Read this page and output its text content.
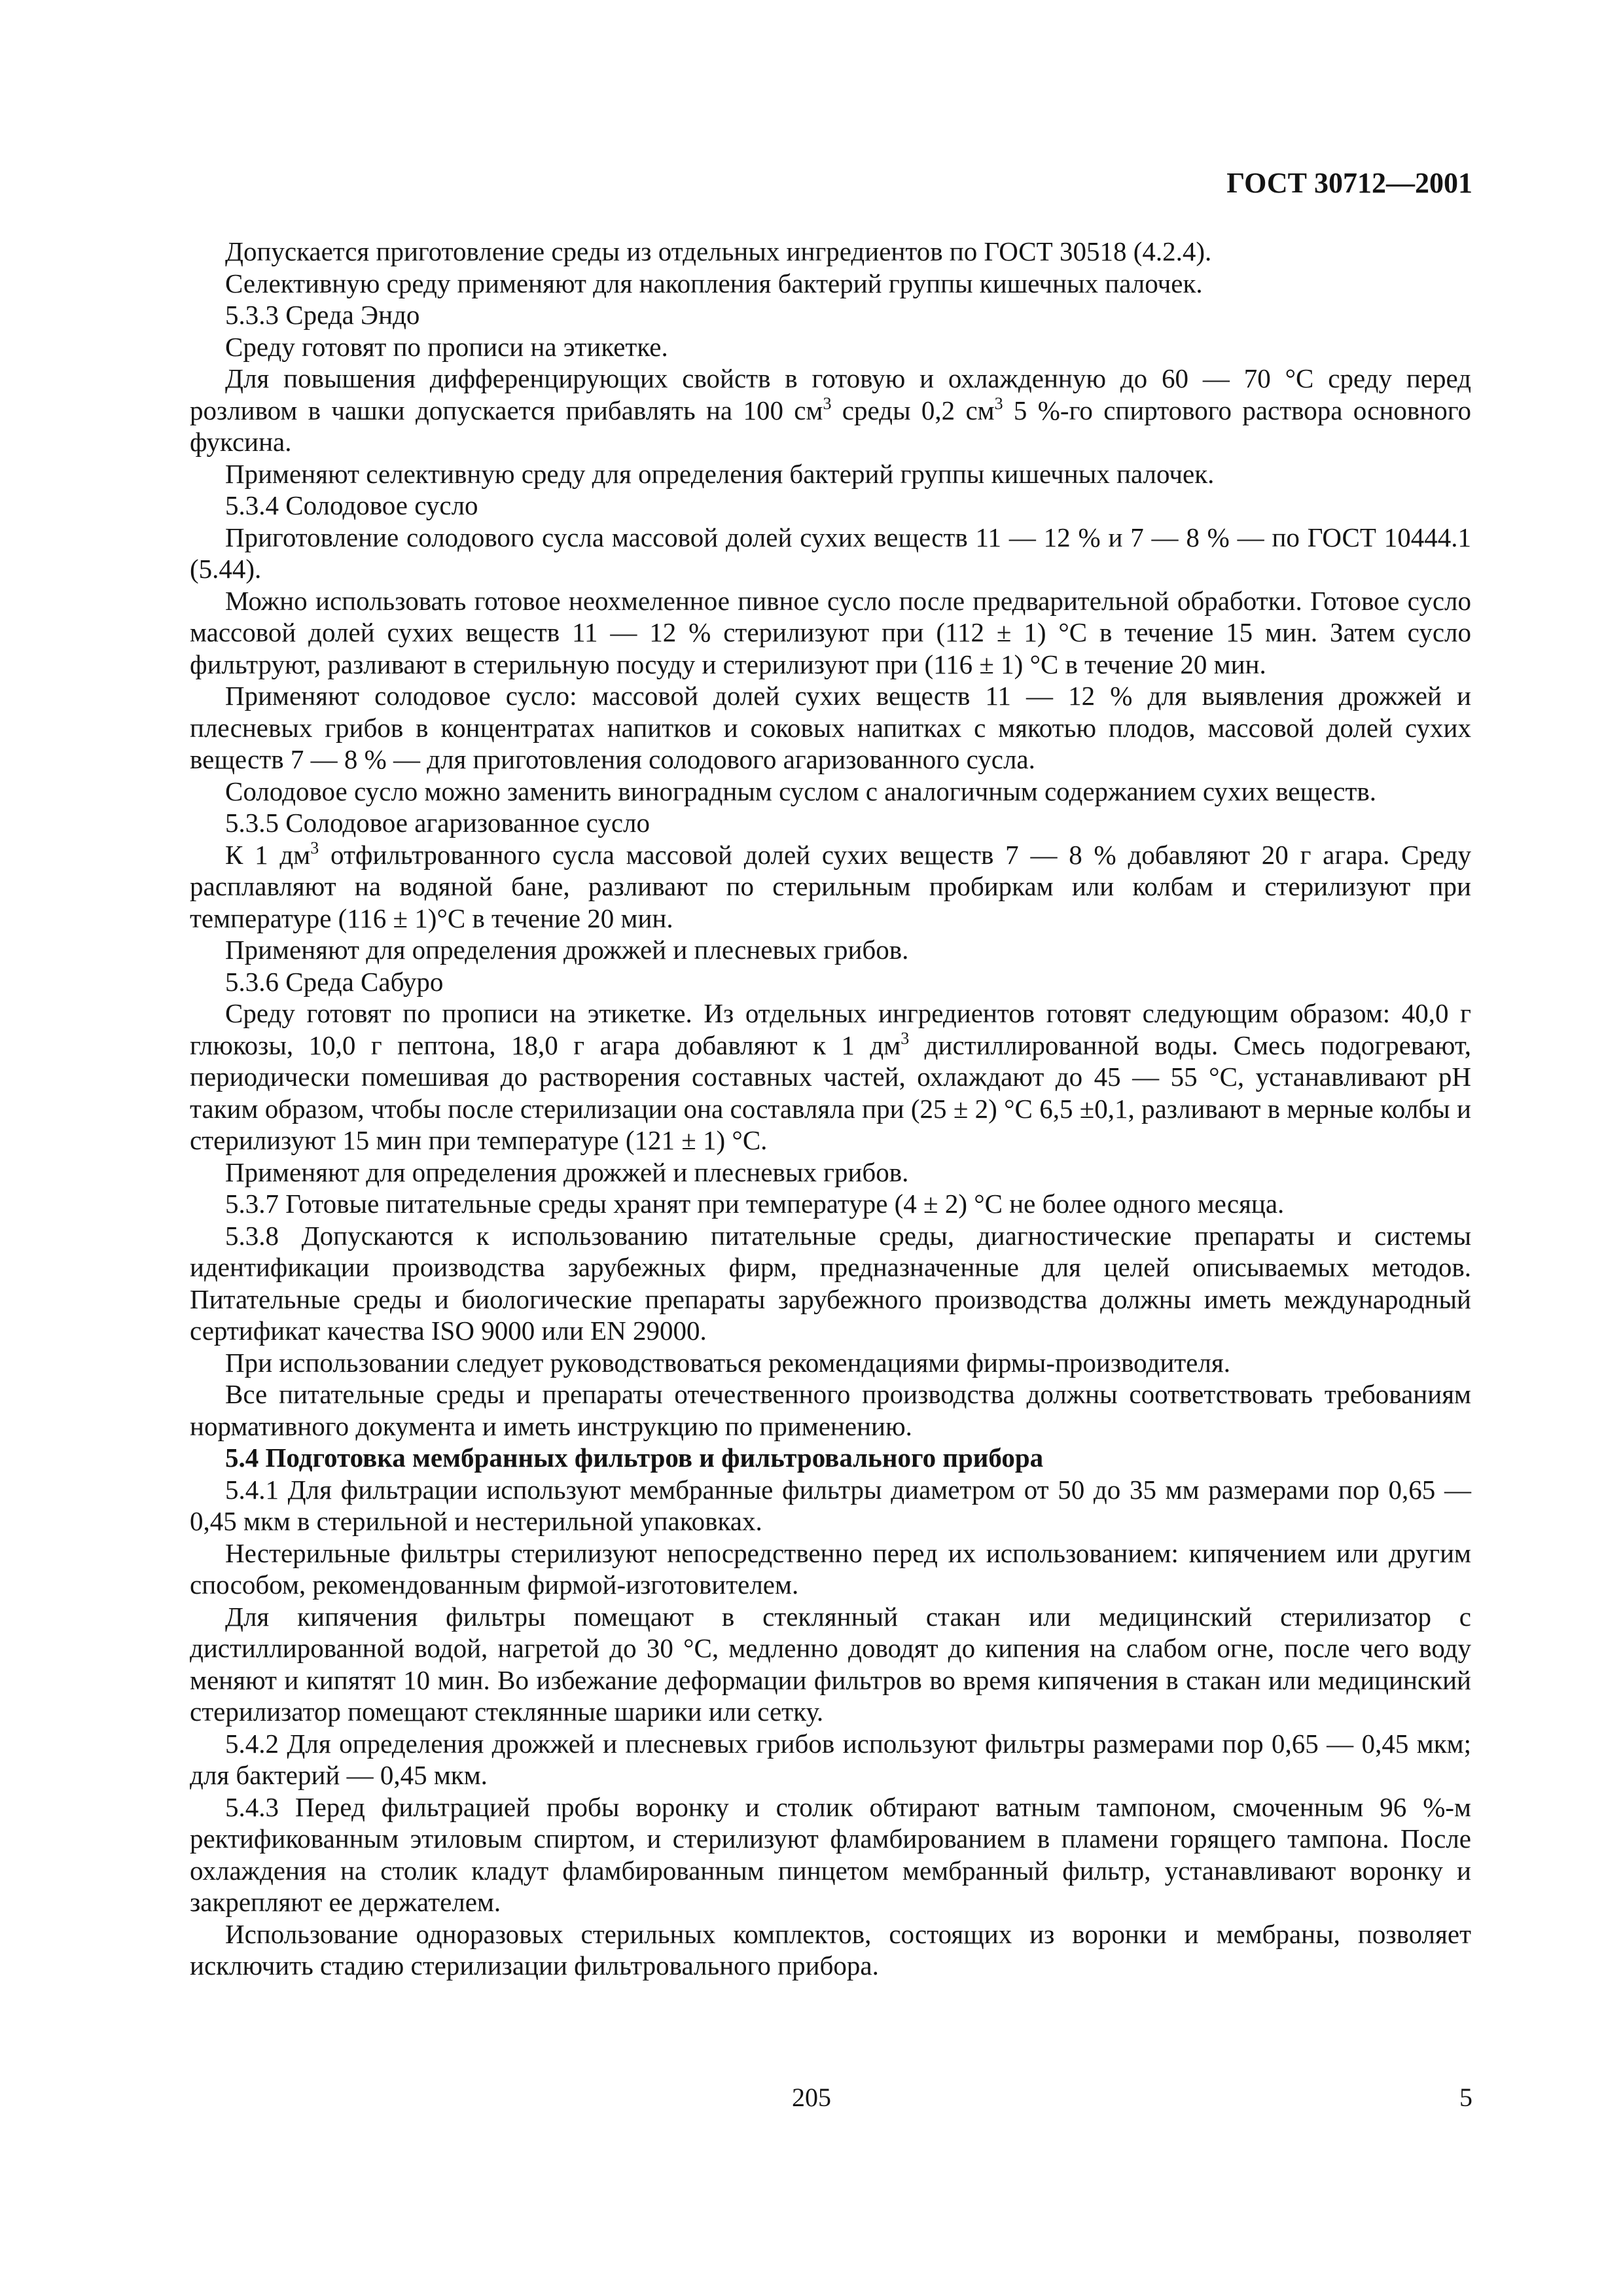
ГОСТ 30712—2001

Допускается приготовление среды из отдельных ингредиентов по ГОСТ 30518 (4.2.4).

Селективную среду применяют для накопления бактерий группы кишечных палочек.

5.3.3 Среда Эндо

Среду готовят по прописи на этикетке.

Для повышения дифференцирующих свойств в готовую и охлажденную до 60 — 70 °С среду перед розливом в чашки допускается прибавлять на 100 $см^3$ среды 0,2 $см^3$ 5 %-го спиртового раствора основного фуксина.

Применяют селективную среду для определения бактерий группы кишечных палочек.

5.3.4 Солодовое сусло

Приготовление солодового сусла массовой долей сухих веществ 11 — 12 % и 7 — 8 % — по ГОСТ 10444.1 (5.44).

Можно использовать готовое неохмеленное пивное сусло после предварительной обработки. Готовое сусло массовой долей сухих веществ 11 — 12 % стерилизуют при (112 ± 1) °С в течение 15 мин. Затем сусло фильтруют, разливают в стерильную посуду и стерилизуют при (116 ± 1) °С в течение 20 мин.

Применяют солодовое сусло: массовой долей сухих веществ 11 — 12 % для выявления дрожжей и плесневых грибов в концентратах напитков и соковых напитках с мякотью плодов, массовой долей сухих веществ 7 — 8 % — для приготовления солодового агаризованного сусла.

Солодовое сусло можно заменить виноградным суслом с аналогичным содержанием сухих веществ.

5.3.5 Солодовое агаризованное сусло

К 1 $дм^3$ отфильтрованного сусла массовой долей сухих веществ 7 — 8 % добавляют 20 г агара. Среду расплавляют на водяной бане, разливают по стерильным пробиркам или колбам и стерилизуют при температуре (116 ± 1)°С в течение 20 мин.

Применяют для определения дрожжей и плесневых грибов.

5.3.6 Среда Сабуро

Среду готовят по прописи на этикетке. Из отдельных ингредиентов готовят следующим образом: 40,0 г глюкозы, 10,0 г пептона, 18,0 г агара добавляют к 1 $дм^3$ дистиллированной воды. Смесь подогревают, периодически помешивая до растворения составных частей, охлаждают до 45 — 55 °С, устанавливают рН таким образом, чтобы после стерилизации она составляла при (25 ± 2) °С 6,5 ±0,1, разливают в мерные колбы и стерилизуют 15 мин при температуре (121 ± 1) °С.

Применяют для определения дрожжей и плесневых грибов.

5.3.7 Готовые питательные среды хранят при температуре (4 ± 2) °С не более одного месяца.

5.3.8 Допускаются к использованию питательные среды, диагностические препараты и системы идентификации производства зарубежных фирм, предназначенные для целей описываемых методов. Питательные среды и биологические препараты зарубежного производства должны иметь международный сертификат качества ISO 9000 или EN 29000.

При использовании следует руководствоваться рекомендациями фирмы-производителя.

Все питательные среды и препараты отечественного производства должны соответствовать требованиям нормативного документа и иметь инструкцию по применению.

5.4 Подготовка мембранных фильтров и фильтровального прибора

5.4.1 Для фильтрации используют мембранные фильтры диаметром от 50 до 35 мм размерами пор 0,65 — 0,45 мкм в стерильной и нестерильной упаковках.

Нестерильные фильтры стерилизуют непосредственно перед их использованием: кипячением или другим способом, рекомендованным фирмой-изготовителем.

Для кипячения фильтры помещают в стеклянный стакан или медицинский стерилизатор с дистиллированной водой, нагретой до 30 °С, медленно доводят до кипения на слабом огне, после чего воду меняют и кипятят 10 мин. Во избежание деформации фильтров во время кипячения в стакан или медицинский стерилизатор помещают стеклянные шарики или сетку.

5.4.2 Для определения дрожжей и плесневых грибов используют фильтры размерами пор 0,65 — 0,45 мкм; для бактерий — 0,45 мкм.

5.4.3 Перед фильтрацией пробы воронку и столик обтирают ватным тампоном, смоченным 96 %-м ректификованным этиловым спиртом, и стерилизуют фламбированием в пламени горящего тампона. После охлаждения на столик кладут фламбированным пинцетом мембранный фильтр, устанавливают воронку и закрепляют ее держателем.

Использование одноразовых стерильных комплектов, состоящих из воронки и мембраны, позволяет исключить стадию стерилизации фильтровального прибора.

205	5
